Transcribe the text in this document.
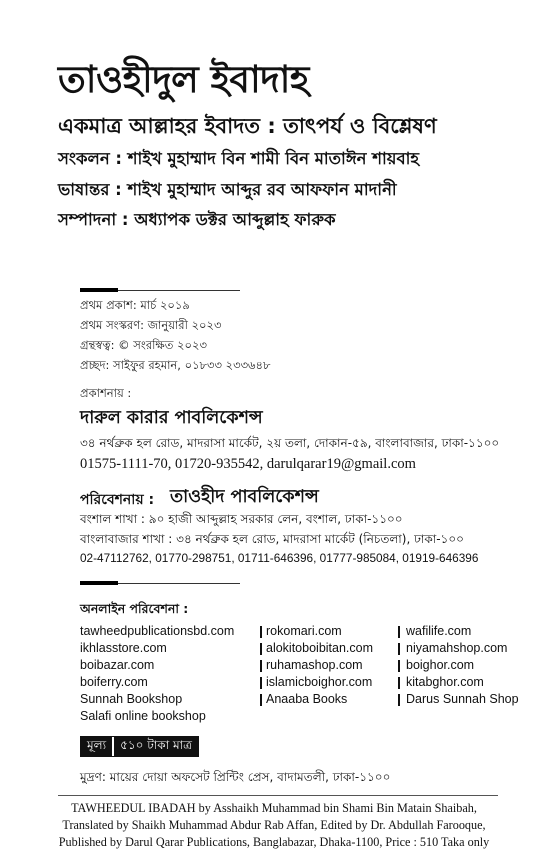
তাওহীদুল ইবাদাহ
একমাত্র আল্লাহর ইবাদত : তাৎপর্য ও বিশ্লেষণ
সংকলন : শাইখ মুহাম্মাদ বিন শামী বিন মাতাঈন শায়বাহ
ভাষান্তর : শাইখ মুহাম্মাদ আব্দুর রব আফফান মাদানী
সম্পাদনা : অধ্যাপক ডক্টর আব্দুল্লাহ ফারুক
প্রথম প্রকাশ: মার্চ ২০১৯
প্রথম সংস্করণ: জানুয়ারী ২০২৩
গ্রন্থস্বত্ব: © সংরক্ষিত ২০২৩
প্রচ্ছদ: সাইফুর রহমান, ০১৮৩৩ ২৩৩৬৪৮
প্রকাশনায় :
দারুল কারার পাবলিকেশন্স
৩৪ নর্থব্রুক হল রোড, মাদরাসা মার্কেট, ২য় তলা, দোকান-৫৯, বাংলাবাজার, ঢাকা-১১০০
01575-1111-70, 01720-935542, darulqarar19@gmail.com
পরিবেশনায় : তাওহীদ পাবলিকেশন্স
বংশাল শাখা : ৯০ হাজী আব্দুল্লাহ সরকার লেন, বংশাল, ঢাকা-১১০০
বাংলাবাজার শাখা : ৩৪ নর্থব্রুক হল রোড, মাদরাসা মার্কেট (নিচতলা), ঢাকা-১০০
02-47112762, 01770-298751, 01711-646396, 01777-985084, 01919-646396
অনলাইন পরিবেশনা :
tawheedpublicationsbd.com
ikhlasstore.com
boibazar.com
boiferry.com
Sunnah Bookshop
Salafi online bookshop
rokomari.com
alokitoboibitan.com
ruhamashop.com
islamicboighor.com
Anaaba Books
wafilife.com
niyamahshop.com
boighor.com
kitabghor.com
Darus Sunnah Shop
মূল্য	৫১০ টাকা মাত্র
মুদ্রণ: মায়ের দোয়া অফসেট প্রিন্টিং প্রেস, বাদামতলী, ঢাকা-১১০০
TAWHEEDUL IBADAH by Asshaikh Muhammad bin Shami Bin Matain Shaibah,
Translated by Shaikh Muhammad Abdur Rab Affan, Edited by Dr. Abdullah Farooque,
Published by Darul Qarar Publications, Banglabazar, Dhaka-1100, Price : 510 Taka only
